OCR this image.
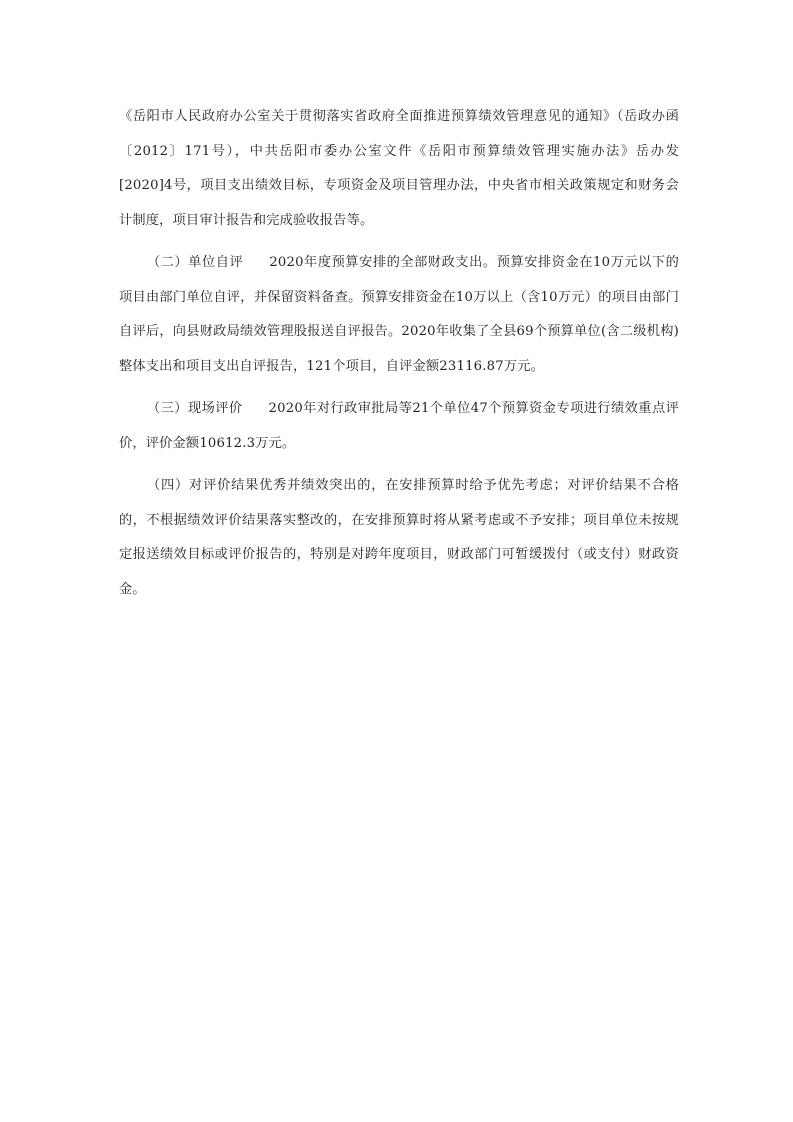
《岳阳市人民政府办公室关于贯彻落实省政府全面推进预算绩效管理意见的通知》（岳政办函〔2012〕171号），中共岳阳市委办公室文件《岳阳市预算绩效管理实施办法》岳办发[2020]4号，项目支出绩效目标，专项资金及项目管理办法，中央省市相关政策规定和财务会计制度，项目审计报告和完成验收报告等。

（二）单位自评 2020年度预算安排的全部财政支出。预算安排资金在10万元以下的项目由部门单位自评，并保留资料备查。预算安排资金在10万以上（含10万元）的项目由部门自评后，向县财政局绩效管理股报送自评报告。2020年收集了全县69个预算单位(含二级机构)整体支出和项目支出自评报告，121个项目，自评金额23116.87万元。

（三）现场评价 2020年对行政审批局等21个单位47个预算资金专项进行绩效重点评价，评价金额10612.3万元。

（四）对评价结果优秀并绩效突出的，在安排预算时给予优先考虑；对评价结果不合格的，不根据绩效评价结果落实整改的，在安排预算时将从紧考虑或不予安排；项目单位未按规定报送绩效目标或评价报告的，特别是对跨年度项目，财政部门可暂缓拨付（或支付）财政资金。
